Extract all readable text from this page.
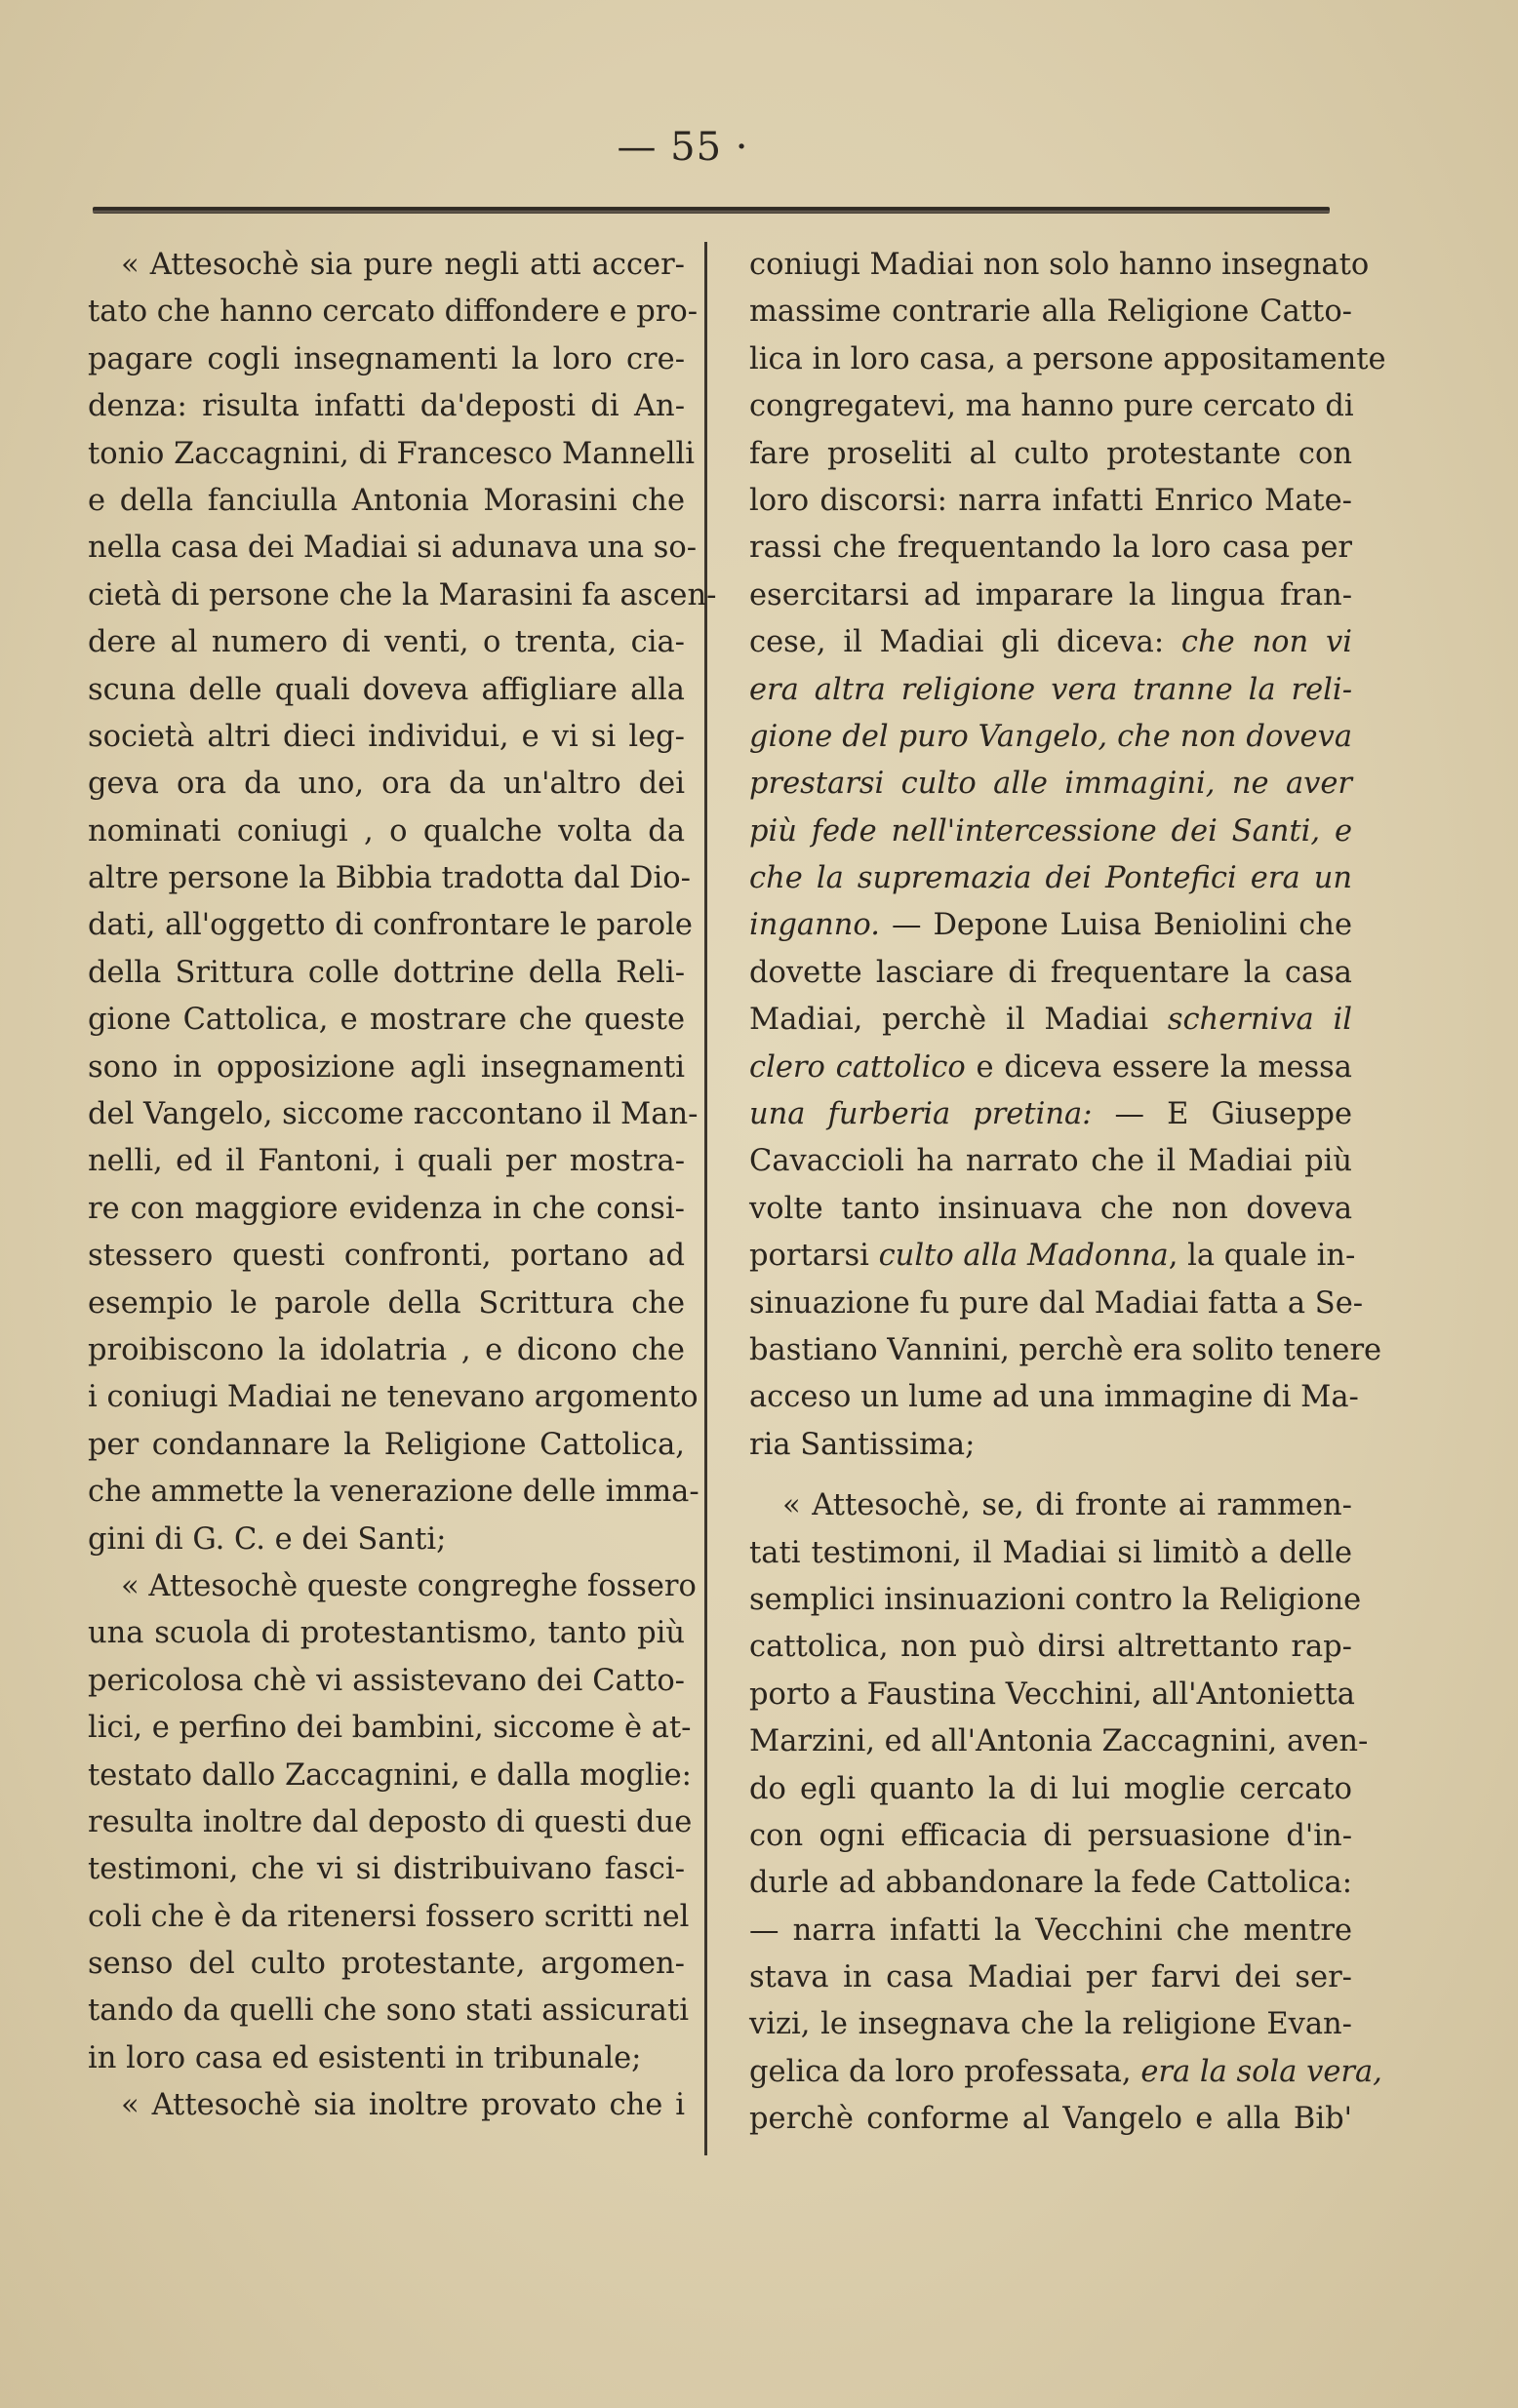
— 55 ·
« Attesochè sia pure negli atti accer-
tato che hanno cercato diffondere e pro-
pagare cogli insegnamenti la loro cre-
denza: risulta infatti da'deposti di An-
tonio Zaccagnini, di Francesco Mannelli
e della fanciulla Antonia Morasini che
nella casa dei Madiai si adunava una so-
cietà di persone che la Marasini fa ascen-
dere al numero di venti, o trenta, cia-
scuna delle quali doveva affigliare alla
società altri dieci individui, e vi si leg-
geva ora da uno, ora da un'altro dei
nominati coniugi , o qualche volta da
altre persone la Bibbia tradotta dal Dio-
dati, all'oggetto di confrontare le parole
della Srittura colle dottrine della Reli-
gione Cattolica, e mostrare che queste
sono in opposizione agli insegnamenti
del Vangelo, siccome raccontano il Man-
nelli, ed il Fantoni, i quali per mostra-
re con maggiore evidenza in che consi-
stessero questi confronti, portano ad
esempio le parole della Scrittura che
proibiscono la idolatria , e dicono che
i coniugi Madiai ne tenevano argomento
per condannare la Religione Cattolica,
che ammette la venerazione delle imma-
gini di G. C. e dei Santi;
« Attesochè queste congreghe fossero
una scuola di protestantismo, tanto più
pericolosa chè vi assistevano dei Catto-
lici, e perfino dei bambini, siccome è at-
testato dallo Zaccagnini, e dalla moglie:
resulta inoltre dal deposto di questi due
testimoni, che vi si distribuivano fasci-
coli che è da ritenersi fossero scritti nel
senso del culto protestante, argomen-
tando da quelli che sono stati assicurati
in loro casa ed esistenti in tribunale;
« Attesochè sia inoltre provato che i
coniugi Madiai non solo hanno insegnato
massime contrarie alla Religione Catto-
lica in loro casa, a persone appositamente
congregatevi, ma hanno pure cercato di
fare proseliti al culto protestante con
loro discorsi: narra infatti Enrico Mate-
rassi che frequentando la loro casa per
esercitarsi ad imparare la lingua fran-
cese, il Madiai gli diceva: che non vi
era altra religione vera tranne la reli-
gione del puro Vangelo, che non doveva
prestarsi culto alle immagini, ne aver
più fede nell'intercessione dei Santi, e
che la supremazia dei Pontefici era un
inganno. — Depone Luisa Beniolini che
dovette lasciare di frequentare la casa
Madiai, perchè il Madiai scherniva il
clero cattolico e diceva essere la messa
una furberia pretina: — E Giuseppe
Cavaccioli ha narrato che il Madiai più
volte tanto insinuava che non doveva
portarsi culto alla Madonna, la quale in-
sinuazione fu pure dal Madiai fatta a Se-
bastiano Vannini, perchè era solito tenere
acceso un lume ad una immagine di Ma-
ria Santissima;
« Attesochè, se, di fronte ai rammen-
tati testimoni, il Madiai si limitò a delle
semplici insinuazioni contro la Religione
cattolica, non può dirsi altrettanto rap-
porto a Faustina Vecchini, all'Antonietta
Marzini, ed all'Antonia Zaccagnini, aven-
do egli quanto la di lui moglie cercato
con ogni efficacia di persuasione d'in-
durle ad abbandonare la fede Cattolica:
— narra infatti la Vecchini che mentre
stava in casa Madiai per farvi dei ser-
vizi, le insegnava che la religione Evan-
gelica da loro professata, era la sola vera,
perchè conforme al Vangelo e alla Bib'
